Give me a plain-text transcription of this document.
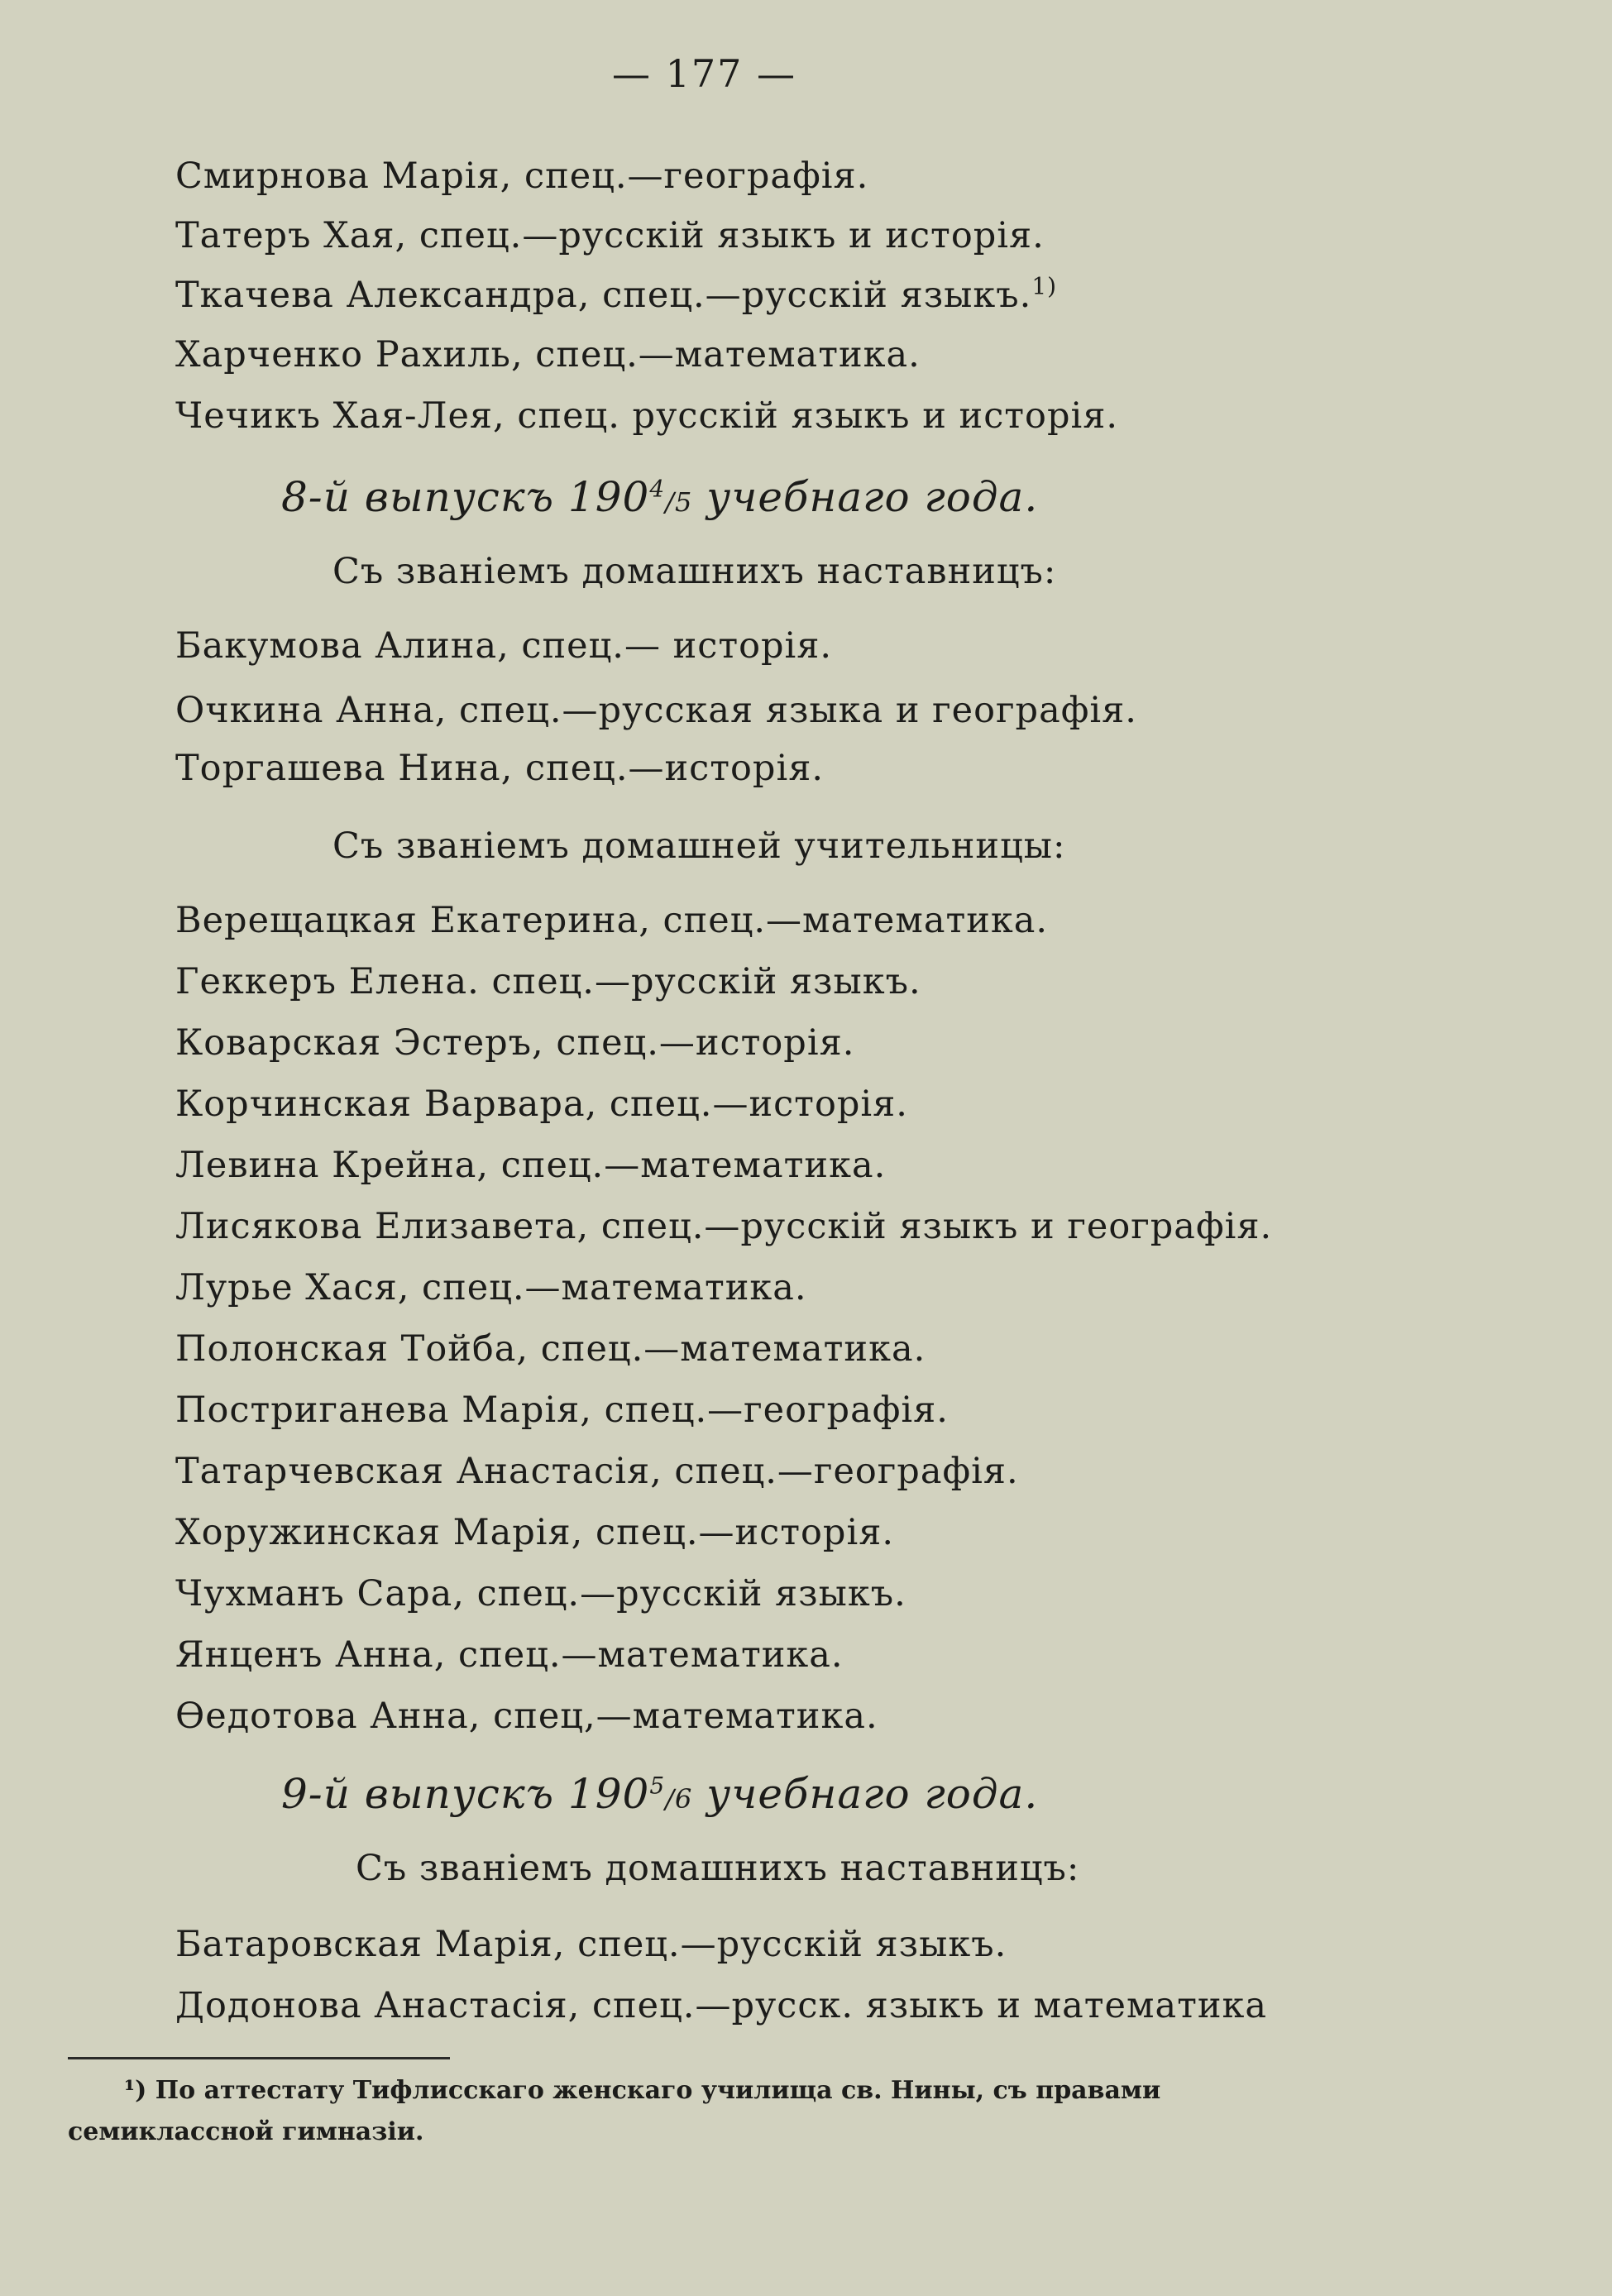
— 177 —
Смирнова Марія, спец.—географія.
Татеръ Хая, спец.—русскій языкъ и исторія.
Ткачева Александра, спец.—русскій языкъ.$^{1)}$
Харченко Рахиль, спец.—математика.
Чечикъ Хая-Лея, спец. русскій языкъ и исторія.
8-й выпускъ $190^4/5$ учебнаго года.
Съ званіемъ домашнихъ наставницъ:
Бакумова Алина, спец.— исторія.
Очкина Анна, спец.—русская языка и географія.
Торгашева Нина, спец.—исторія.
Съ званіемъ домашней учительницы:
Верещацкая Екатерина, спец.—математика.
Геккеръ Елена. спец.—русскій языкъ.
Коварская Эстеръ, спец.—исторія.
Корчинская Варвара, спец.—исторія.
Левина Крейна, спец.—математика.
Лисякова Елизавета, спец.—русскій языкъ и географія.
Лурье Хася, спец.—математика.
Полонская Тойба, спец.—математика.
Постриганева Марія, спец.—географія.
Татарчевская Анастасія, спец.—географія.
Хоружинская Марія, спец.—исторія.
Чухманъ Сара, спец.—русскій языкъ.
Янценъ Анна, спец.—математика.
Ѳедотова Анна, спец,—математика.
9-й выпускъ $190^5/6$ учебнаго года.
Съ званіемъ домашнихъ наставницъ:
Батаровская Марія, спец.—русскій языкъ.
Додонова Анастасія, спец.—русск. языкъ и математика
¹) По аттестату Тифлисскаго женскаго училища св. Нины, съ правами
семиклассной гимназіи.
